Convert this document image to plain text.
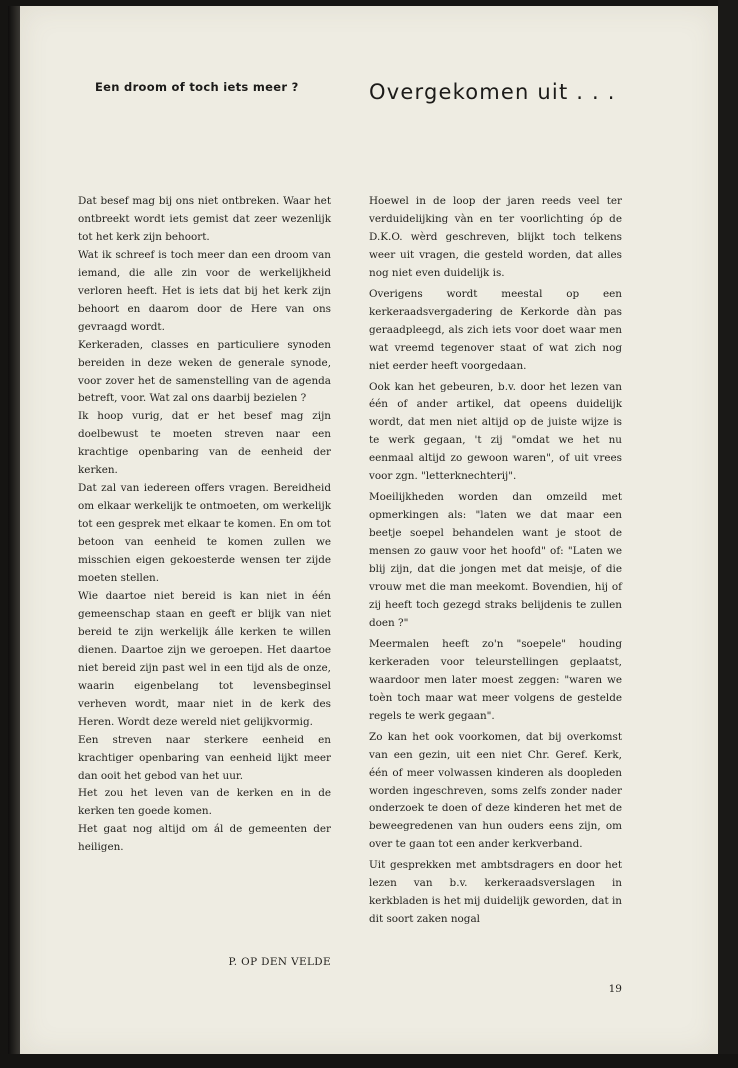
Een droom of toch iets meer ?	Overgekomen uit . . .

Dat besef mag bij ons niet ontbreken. Waar het ontbreekt wordt iets gemist dat zeer wezenlijk tot het kerk zijn behoort.

Wat ik schreef is toch meer dan een droom van iemand, die alle zin voor de werkelijkheid verloren heeft. Het is iets dat bij het kerk zijn behoort en daarom door de Here van ons gevraagd wordt.

Kerkeraden, classes en particuliere synoden bereiden in deze weken de generale synode, voor zover het de samenstelling van de agenda betreft, voor. Wat zal ons daarbij bezielen ?

Ik hoop vurig, dat er het besef mag zijn doelbewust te moeten streven naar een krachtige openbaring van de eenheid der kerken.

Dat zal van iedereen offers vragen. Bereidheid om elkaar werkelijk te ontmoeten, om werkelijk tot een gesprek met elkaar te komen. En om tot betoon van eenheid te komen zullen we misschien eigen gekoesterde wensen ter zijde moeten stellen.

Wie daartoe niet bereid is kan niet in één gemeenschap staan en geeft er blijk van niet bereid te zijn werkelijk álle kerken te willen dienen. Daartoe zijn we geroepen. Het daartoe niet bereid zijn past wel in een tijd als de onze, waarin eigenbelang tot levensbeginsel verheven wordt, maar niet in de kerk des Heren. Wordt deze wereld niet gelijkvormig.

Een streven naar sterkere eenheid en krachtiger openbaring van eenheid lijkt meer dan ooit het gebod van het uur.

Het zou het leven van de kerken en in de kerken ten goede komen.

Het gaat nog altijd om ál de gemeenten der heiligen.

P. OP DEN VELDE

Hoewel in de loop der jaren reeds veel ter verduidelijking vàn en ter voorlichting óp de D.K.O. wèrd geschreven, blijkt toch telkens weer uit vragen, die gesteld worden, dat alles nog niet even duidelijk is.

Overigens wordt meestal op een kerkeraadsvergadering de Kerkorde dàn pas geraadpleegd, als zich iets voor doet waar men wat vreemd tegenover staat of wat zich nog niet eerder heeft voorgedaan.

Ook kan het gebeuren, b.v. door het lezen van één of ander artikel, dat opeens duidelijk wordt, dat men niet altijd op de juiste wijze is te werk gegaan, 't zij "omdat we het nu eenmaal altijd zo gewoon waren", of uit vrees voor zgn. "letterknechterij".

Moeilijkheden worden dan omzeild met opmerkingen als: "laten we dat maar een beetje soepel behandelen want je stoot de mensen zo gauw voor het hoofd" of: "Laten we blij zijn, dat die jongen met dat meisje, of die vrouw met die man meekomt. Bovendien, hij of zij heeft toch gezegd straks belijdenis te zullen doen ?"

Meermalen heeft zo'n "soepele" houding kerkeraden voor teleurstellingen geplaatst, waardoor men later moest zeggen: "waren we toèn toch maar wat meer volgens de gestelde regels te werk gegaan".

Zo kan het ook voorkomen, dat bij overkomst van een gezin, uit een niet Chr. Geref. Kerk, één of meer volwassen kinderen als doopleden worden ingeschreven, soms zelfs zonder nader onderzoek te doen of deze kinderen het met de beweegredenen van hun ouders eens zijn, om over te gaan tot een ander kerkverband.

Uit gesprekken met ambtsdragers en door het lezen van b.v. kerkeraadsverslagen in kerkbladen is het mij duidelijk geworden, dat in dit soort zaken nogal

19
